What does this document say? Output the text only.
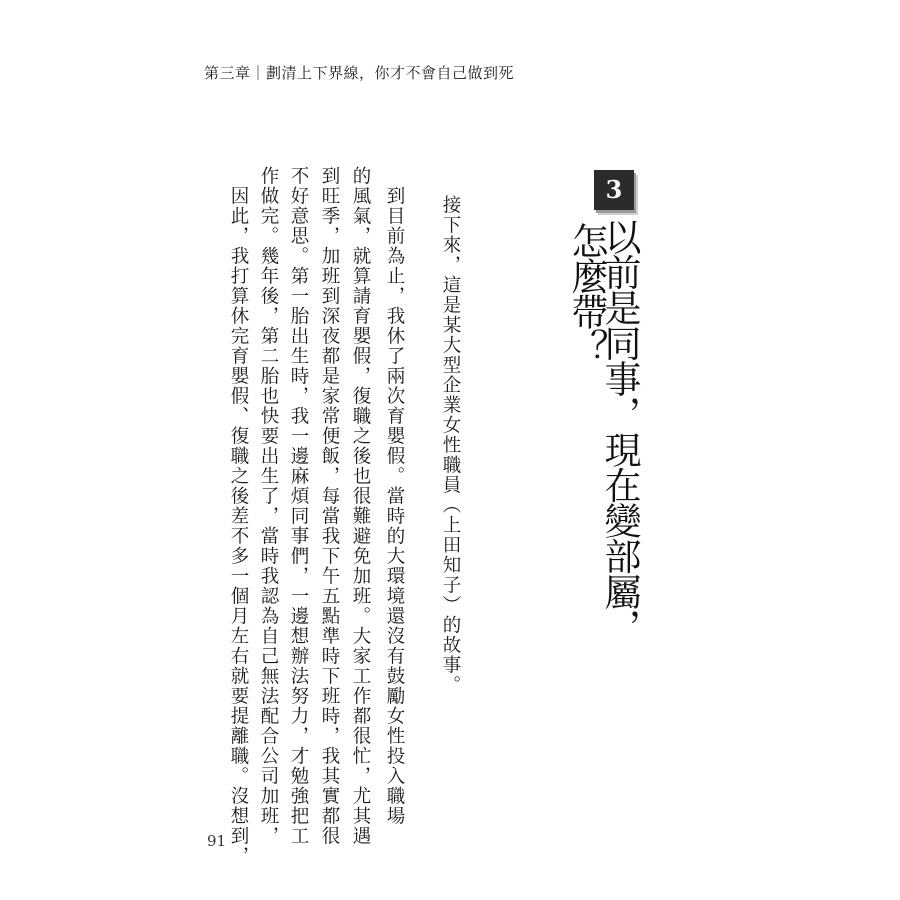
第三章｜劃清上下界線，你才不會自己做到死
3
以前是同事，現在變部屬，
怎麼帶？
接下來，這是某大型企業女性職員（上田知子）的故事。
到目前為止，我休了兩次育嬰假。當時的大環境還沒有鼓勵女性投入職場
的風氣，就算請育嬰假，復職之後也很難避免加班。大家工作都很忙，尤其遇
到旺季，加班到深夜都是家常便飯，每當我下午五點準時下班時，我其實都很
不好意思。第一胎出生時，我一邊麻煩同事們，一邊想辦法努力，才勉強把工
作做完。幾年後，第二胎也快要出生了，當時我認為自己無法配合公司加班，
因此，我打算休完育嬰假、復職之後差不多一個月左右就要提離職。沒想到，
91
